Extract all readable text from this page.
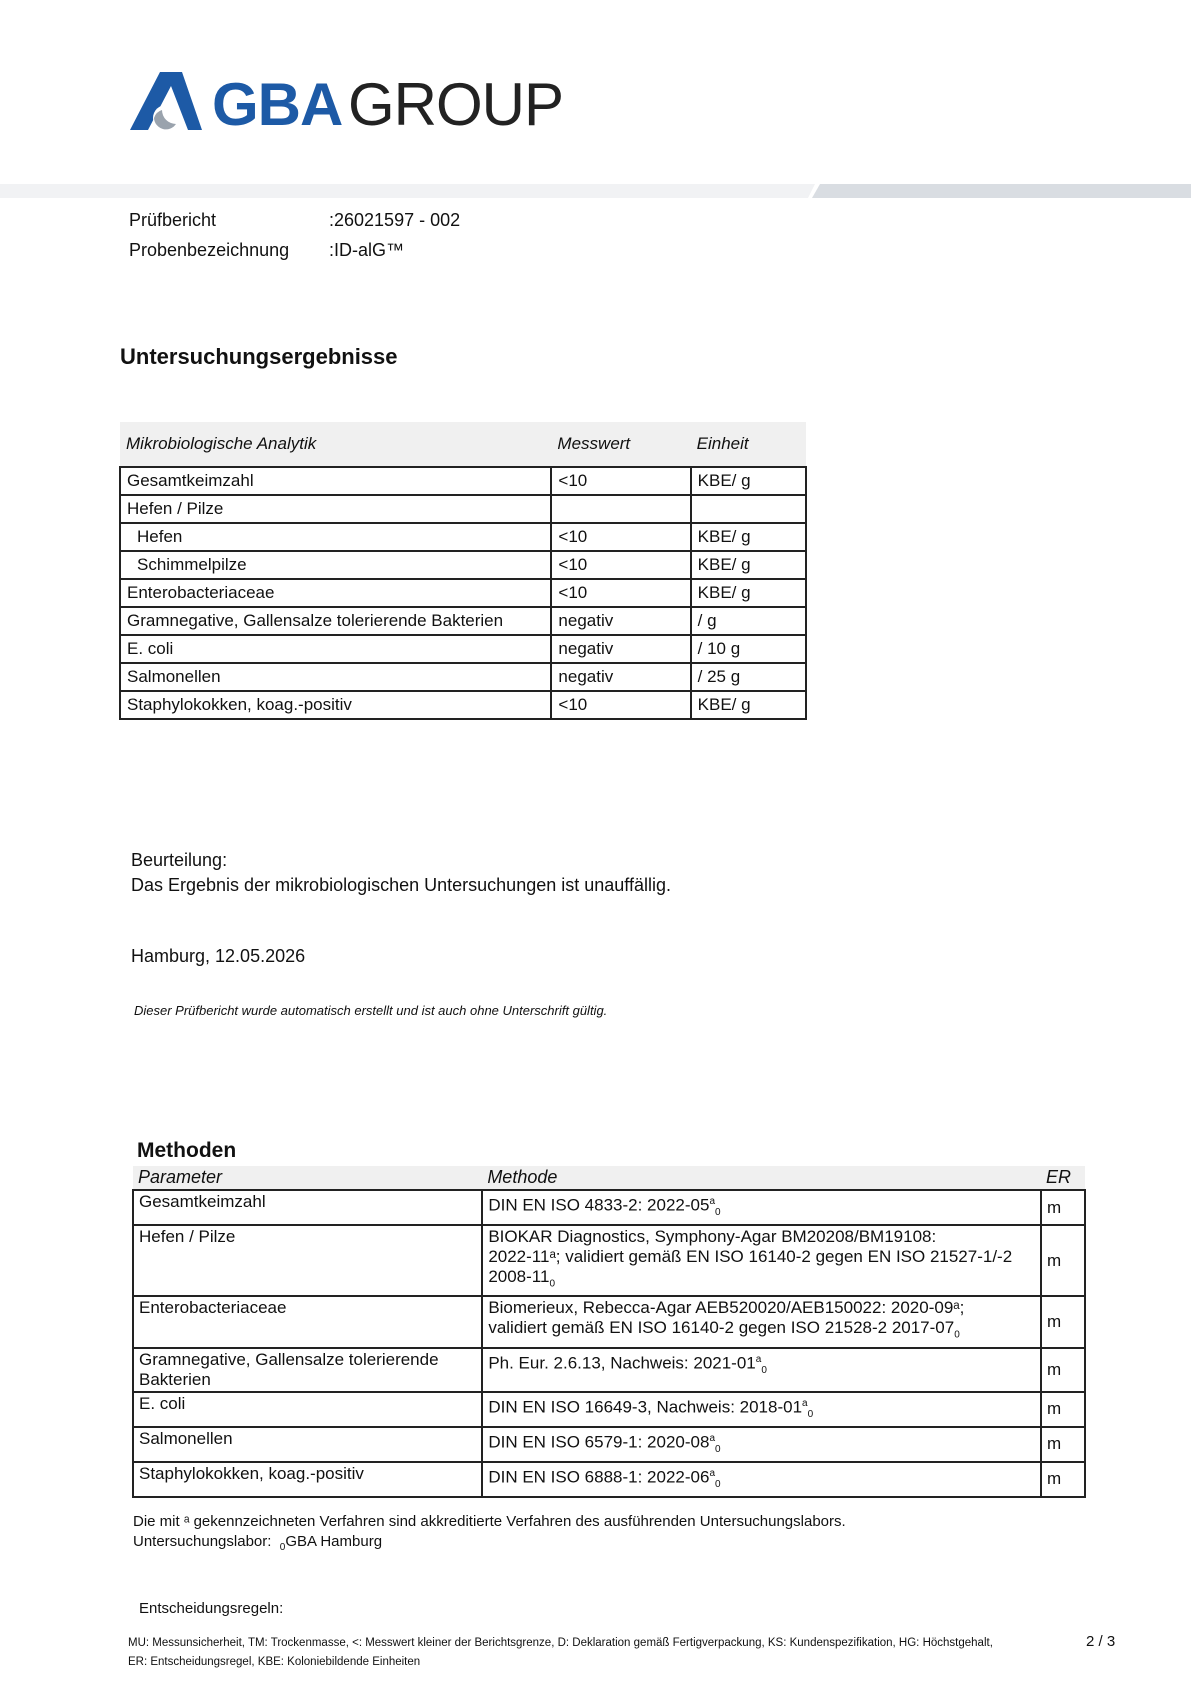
GBA GROUP
Prüfbericht	:26021597 - 002
Probenbezeichnung :ID-alG™
Untersuchungsergebnisse
Mikrobiologische Analytik	Messwert	Einheit
Gesamtkeimzahl	<10	KBE/ g
Hefen / Pilze		
Hefen	<10	KBE/ g
Schimmelpilze	<10	KBE/ g
Enterobacteriaceae	<10	KBE/ g
Gramnegative, Gallensalze tolerierende Bakterien	negativ	/ g
E. coli	negativ	/ 10 g
Salmonellen	negativ	/ 25 g
Staphylokokken, koag.-positiv	<10	KBE/ g
Beurteilung:
Das Ergebnis der mikrobiologischen Untersuchungen ist unauffällig.
Hamburg, 12.05.2026
Dieser Prüfbericht wurde automatisch erstellt und ist auch ohne Unterschrift gültig.
Methoden
Parameter	Methode	ER
Gesamtkeimzahl	DIN EN ISO 4833-2: $2022-05^a_0$	m
Hefen / Pilze	BIOKAR Diagnostics, Symphony-Agar BM20208/BM19108:
2022-11ᵃ; validiert gemäß EN ISO 16140-2 gegen EN ISO 21527-1/-2
$2008-11_0$	m
Enterobacteriaceae	Biomerieux, Rebecca-Agar AEB520020/AEB150022: 2020-09ᵃ;
validiert gemäß EN ISO 16140-2 gegen ISO 21528-2 $2017-07_0$	m
Gramnegative, Gallensalze tolerierende Bakterien	Ph. Eur. 2.6.13, Nachweis: $2021-01^a_0$	m
E. coli	DIN EN ISO 16649-3, Nachweis: $2018-01^a_0$	m
Salmonellen	DIN EN ISO 6579-1: $2020-08^a_0$	m
Staphylokokken, koag.-positiv	DIN EN ISO 6888-1: $2022-06^a_0$	m
Die mit ᵃ gekennzeichneten Verfahren sind akkreditierte Verfahren des ausführenden Untersuchungslabors.
Untersuchungslabor: $_0$GBA Hamburg
Entscheidungsregeln:
MU: Messunsicherheit, TM: Trockenmasse, <: Messwert kleiner der Berichtsgrenze, D: Deklaration gemäß Fertigverpackung, KS: Kundenspezifikation, HG: Höchstgehalt,
ER: Entscheidungsregel, KBE: Koloniebildende Einheiten
2 / 3
